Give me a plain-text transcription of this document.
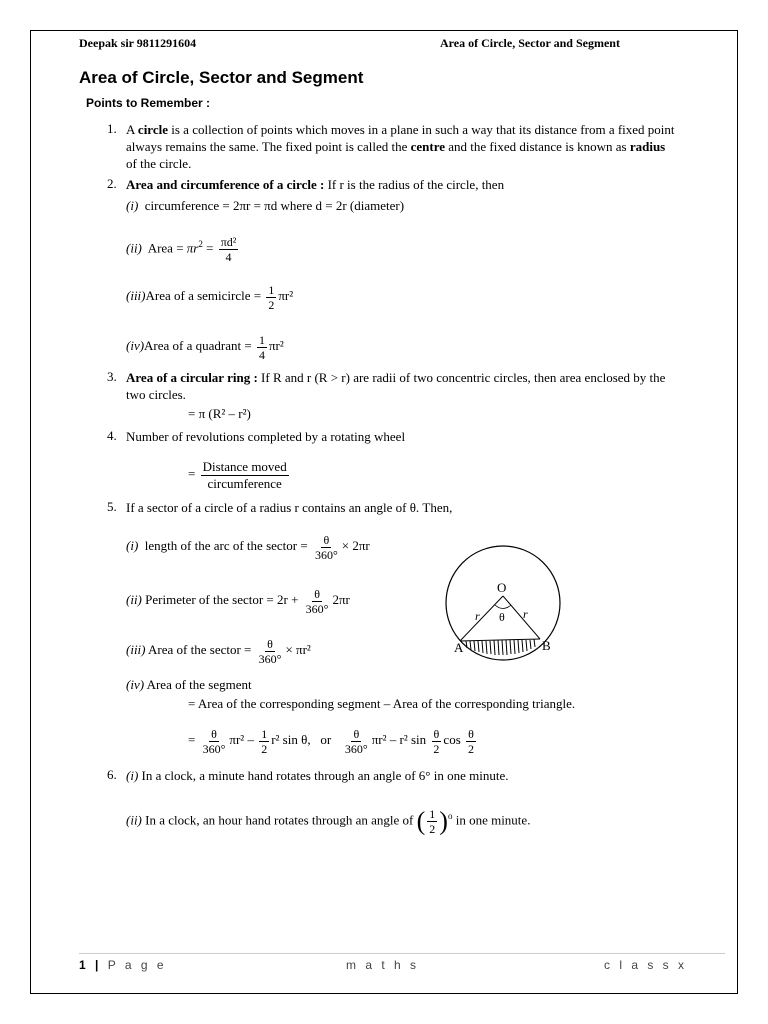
Deepak sir 9811291604	Area of Circle, Sector and Segment
Area of Circle, Sector and Segment
Points to Remember :
1. A circle is a collection of points which moves in a plane in such a way that its distance from a fixed point
always remains the same. The fixed point is called the centre and the fixed distance is known as radius
of the circle.
2. Area and circumference of a circle : If r is the radius of the circle, then
(i) circumference = 2πr = πd where d = 2r (diameter)
(ii) Area = $\pi r^2 = \frac{\text{πd²}}{4}$
(iii)Area of a semicircle = $\frac{1}{2} \pi r^2$
(iv)Area of a quadrant = $\frac{1}{4} \pi r^2$
3. Area of a circular ring : If R and r (R > r) are radii of two concentric circles, then area enclosed by the
two circles.
= π (R² – r²)
4. Number of revolutions completed by a rotating wheel
= $\frac{\text{Distance moved}}{\text{circumference}}$
5. If a sector of a circle of a radius r contains an angle of θ. Then,
(i) length of the arc of the sector = $\frac{\theta}{360^\circ} \times 2\pi r$
(ii) Perimeter of the sector = $2r + \frac{\theta}{360^\circ} 2\pi r$
(iii) Area of the sector = $\frac{\theta}{360^\circ} \times \pi r^2$
(iv) Area of the segment
= Area of the corresponding segment – Area of the corresponding triangle.
= $\frac{\theta}{360^\circ} \pi r^2 - \frac{1}{2} r^2$ sin θ, or $\frac{\theta}{360^\circ} \pi r^2 - r^2$ $\sin \frac{\theta}{2}$ $\cos \frac{\theta}{2}$
O
A	B
r	r
θ
6. (i) In a clock, a minute hand rotates through an angle of 6° in one minute.
(ii) In a clock, an hour hand rotates through an angle of ( $\frac{1}{2} )^o$ in one minute.
1 | P a g e	m a t h s	c l a s s x
